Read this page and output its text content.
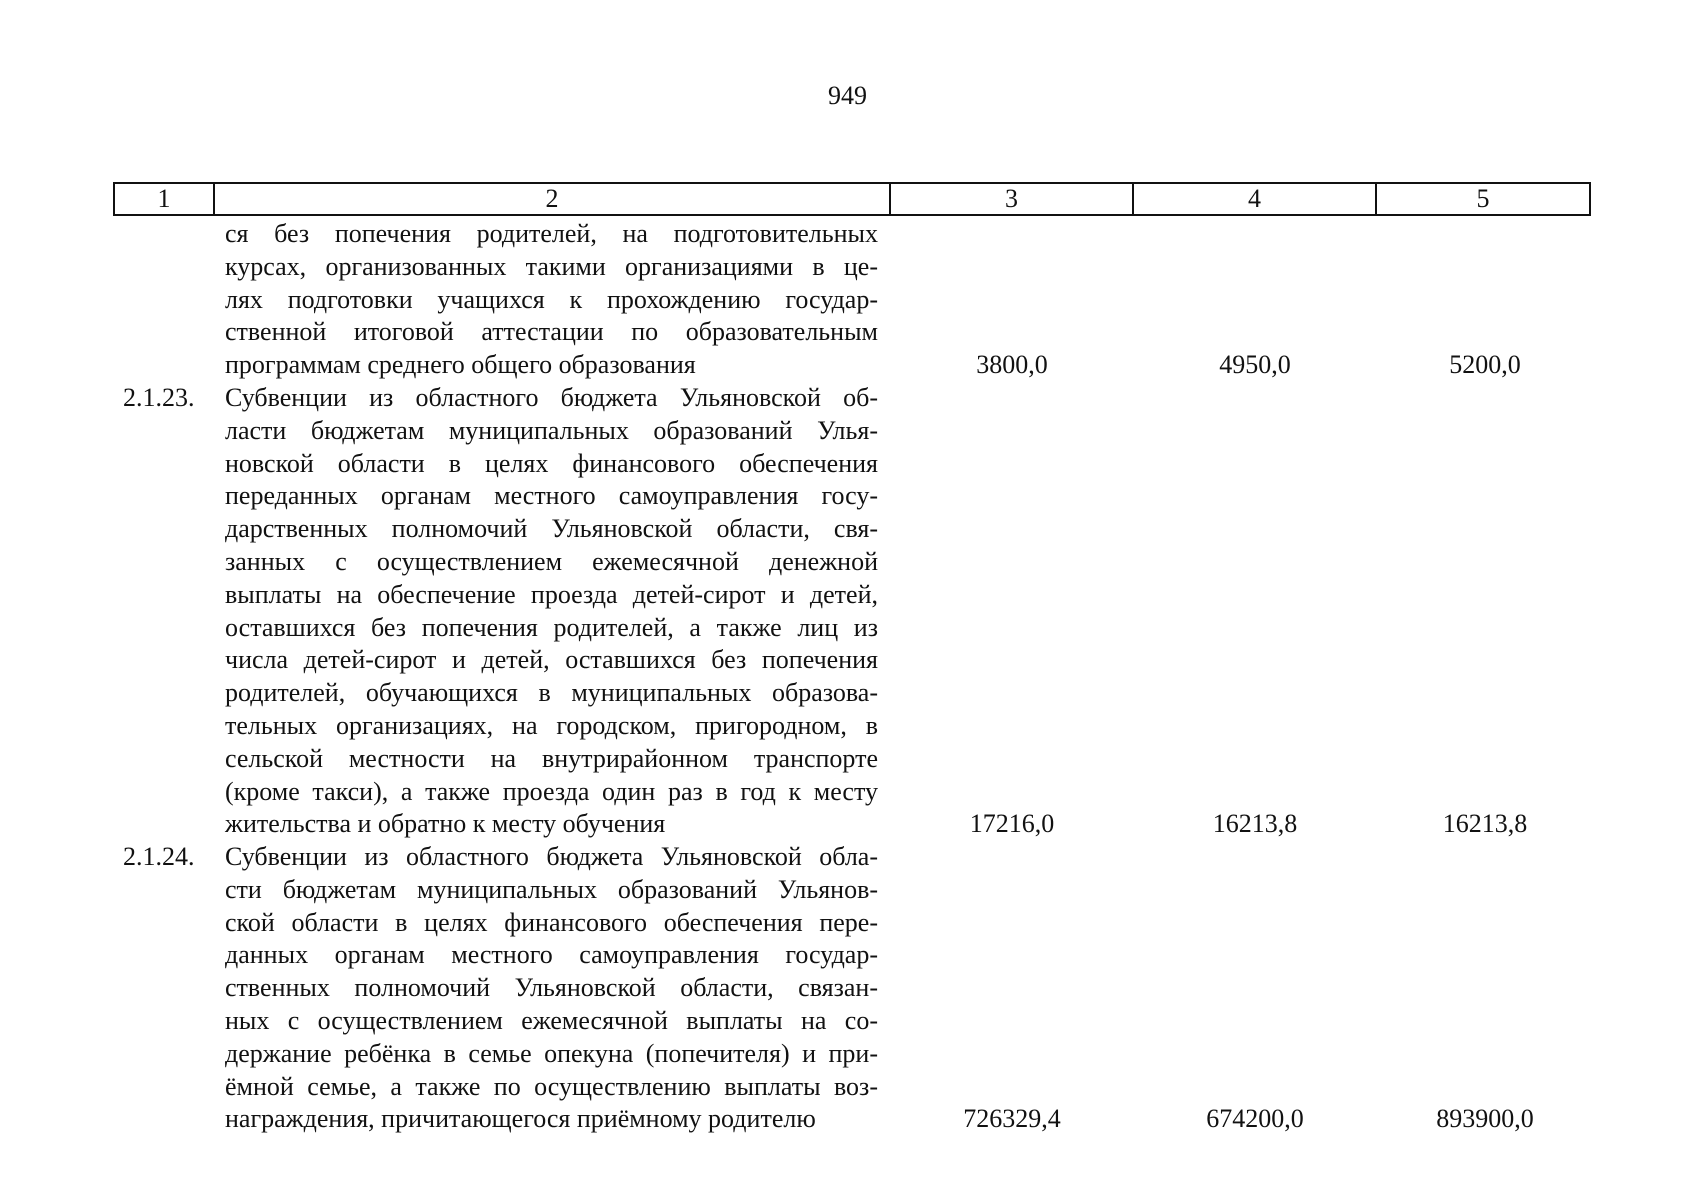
949
1	2	3	4	5
ся без попечения родителей, на подготовительных
курсах, организованных такими организациями в це-
лях подготовки учащихся к прохождению государ-
ственной итоговой аттестации по образовательным
программам среднего общего образования	3800,0	4950,0	5200,0
2.1.23.	Субвенции из областного бюджета Ульяновской об-
ласти бюджетам муниципальных образований Улья-
новской области в целях финансового обеспечения
переданных органам местного самоуправления госу-
дарственных полномочий Ульяновской области, свя-
занных с осуществлением ежемесячной денежной
выплаты на обеспечение проезда детей-сирот и детей,
оставшихся без попечения родителей, а также лиц из
числа детей-сирот и детей, оставшихся без попечения
родителей, обучающихся в муниципальных образова-
тельных организациях, на городском, пригородном, в
сельской местности на внутрирайонном транспорте
(кроме такси), а также проезда один раз в год к месту
жительства и обратно к месту обучения	17216,0	16213,8	16213,8
2.1.24.	Субвенции из областного бюджета Ульяновской обла-
сти бюджетам муниципальных образований Ульянов-
ской области в целях финансового обеспечения пере-
данных органам местного самоуправления государ-
ственных полномочий Ульяновской области, связан-
ных с осуществлением ежемесячной выплаты на со-
держание ребёнка в семье опекуна (попечителя) и при-
ёмной семье, а также по осуществлению выплаты воз-
награждения, причитающегося приёмному родителю	726329,4	674200,0	893900,0
